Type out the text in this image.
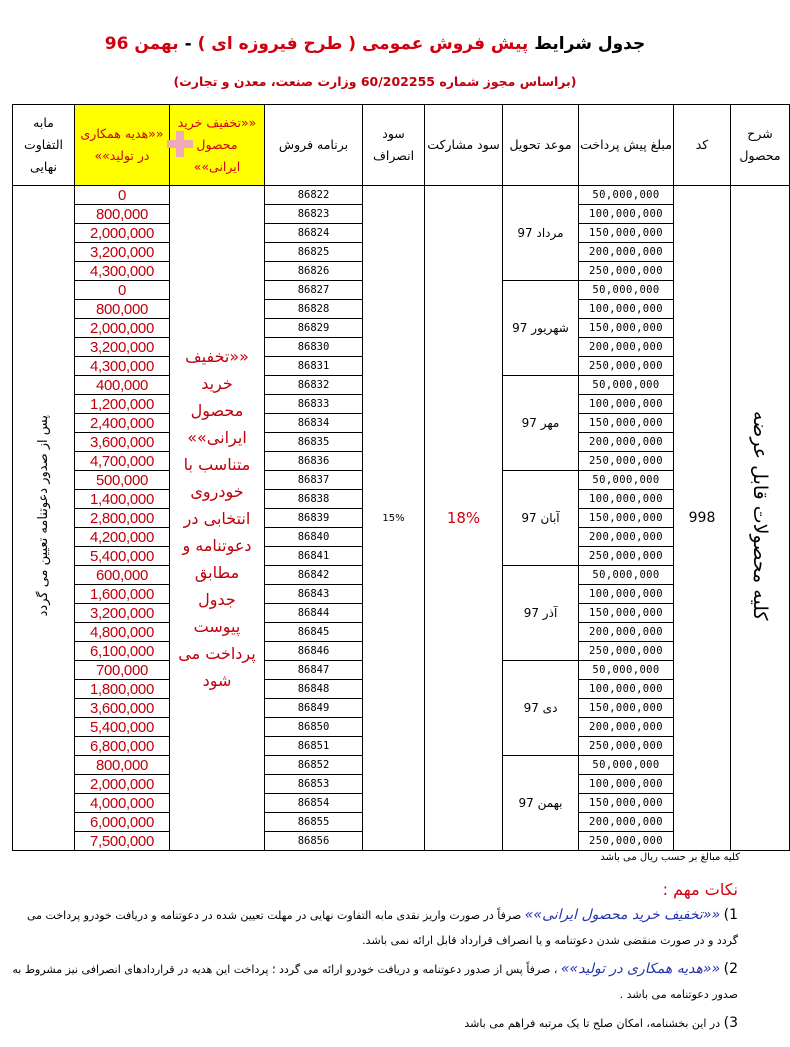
جدول شرایط پیش فروش عمومی ( طرح فیروزه ای ) - بهمن 96
(براساس مجوز شماره 60/202255 وزارت صنعت، معدن و تجارت)
شرح محصول	کد	مبلغ پیش پرداخت	موعد تحویل	سود مشارکت	سود انصراف	برنامه فروش	««تخفیف خرید محصول ایرانی»»	««هدیه همکاری در تولید»»	مابه التفاوت نهایی
کلیه محصولات قابل عرضه	998	50,000,000	مرداد 97	18%	15%	86822	««تخفیف خرید محصول ایرانی»» متناسب با خودروی انتخابی در دعوتنامه و مطابق جدول پیوست پرداخت می شود	0	پس از صدور دعوتنامه تعیین می گردد
		100,000,000				86823		800,000	
		150,000,000				86824		2,000,000	
		200,000,000				86825		3,200,000	
		250,000,000				86826		4,300,000	
		50,000,000	شهریور 97			86827		0	
		100,000,000				86828		800,000	
		150,000,000				86829		2,000,000	
		200,000,000				86830		3,200,000	
		250,000,000				86831		4,300,000	
		50,000,000	مهر 97			86832		400,000	
		100,000,000				86833		1,200,000	
		150,000,000				86834		2,400,000	
		200,000,000				86835		3,600,000	
		250,000,000				86836		4,700,000	
		50,000,000	آبان 97			86837		500,000	
		100,000,000				86838		1,400,000	
		150,000,000				86839		2,800,000	
		200,000,000				86840		4,200,000	
		250,000,000				86841		5,400,000	
		50,000,000	آذر 97			86842		600,000	
		100,000,000				86843		1,600,000	
		150,000,000				86844		3,200,000	
		200,000,000				86845		4,800,000	
		250,000,000				86846		6,100,000	
		50,000,000	دی 97			86847		700,000	
		100,000,000				86848		1,800,000	
		150,000,000				86849		3,600,000	
		200,000,000				86850		5,400,000	
		250,000,000				86851		6,800,000	
		50,000,000	بهمن 97			86852		800,000	
		100,000,000				86853		2,000,000	
		150,000,000				86854		4,000,000	
		200,000,000				86855		6,000,000	
		250,000,000				86856		7,500,000	
کلیه مبالغ بر حسب ریال می باشد
نکات مهم :

1) ««تخفیف خرید محصول ایرانی»» صرفاً در صورت واریز نقدی مابه التفاوت نهایی در مهلت تعیین شده در دعوتنامه و دریافت خودرو پرداخت می گردد و در صورت منقضی شدن دعوتنامه و یا انصراف قرارداد قابل ارائه نمی باشد.

2) ««هدیه همکاری در تولید»» ، صرفاً پس از صدور دعوتنامه و دریافت خودرو ارائه می گردد ؛ پرداخت این هدیه در قراردادهای انصرافی نیز مشروط به صدور دعوتنامه می باشد .

3) در این بخشنامه، امکان صلح تا یک مرتبه فراهم می باشد
